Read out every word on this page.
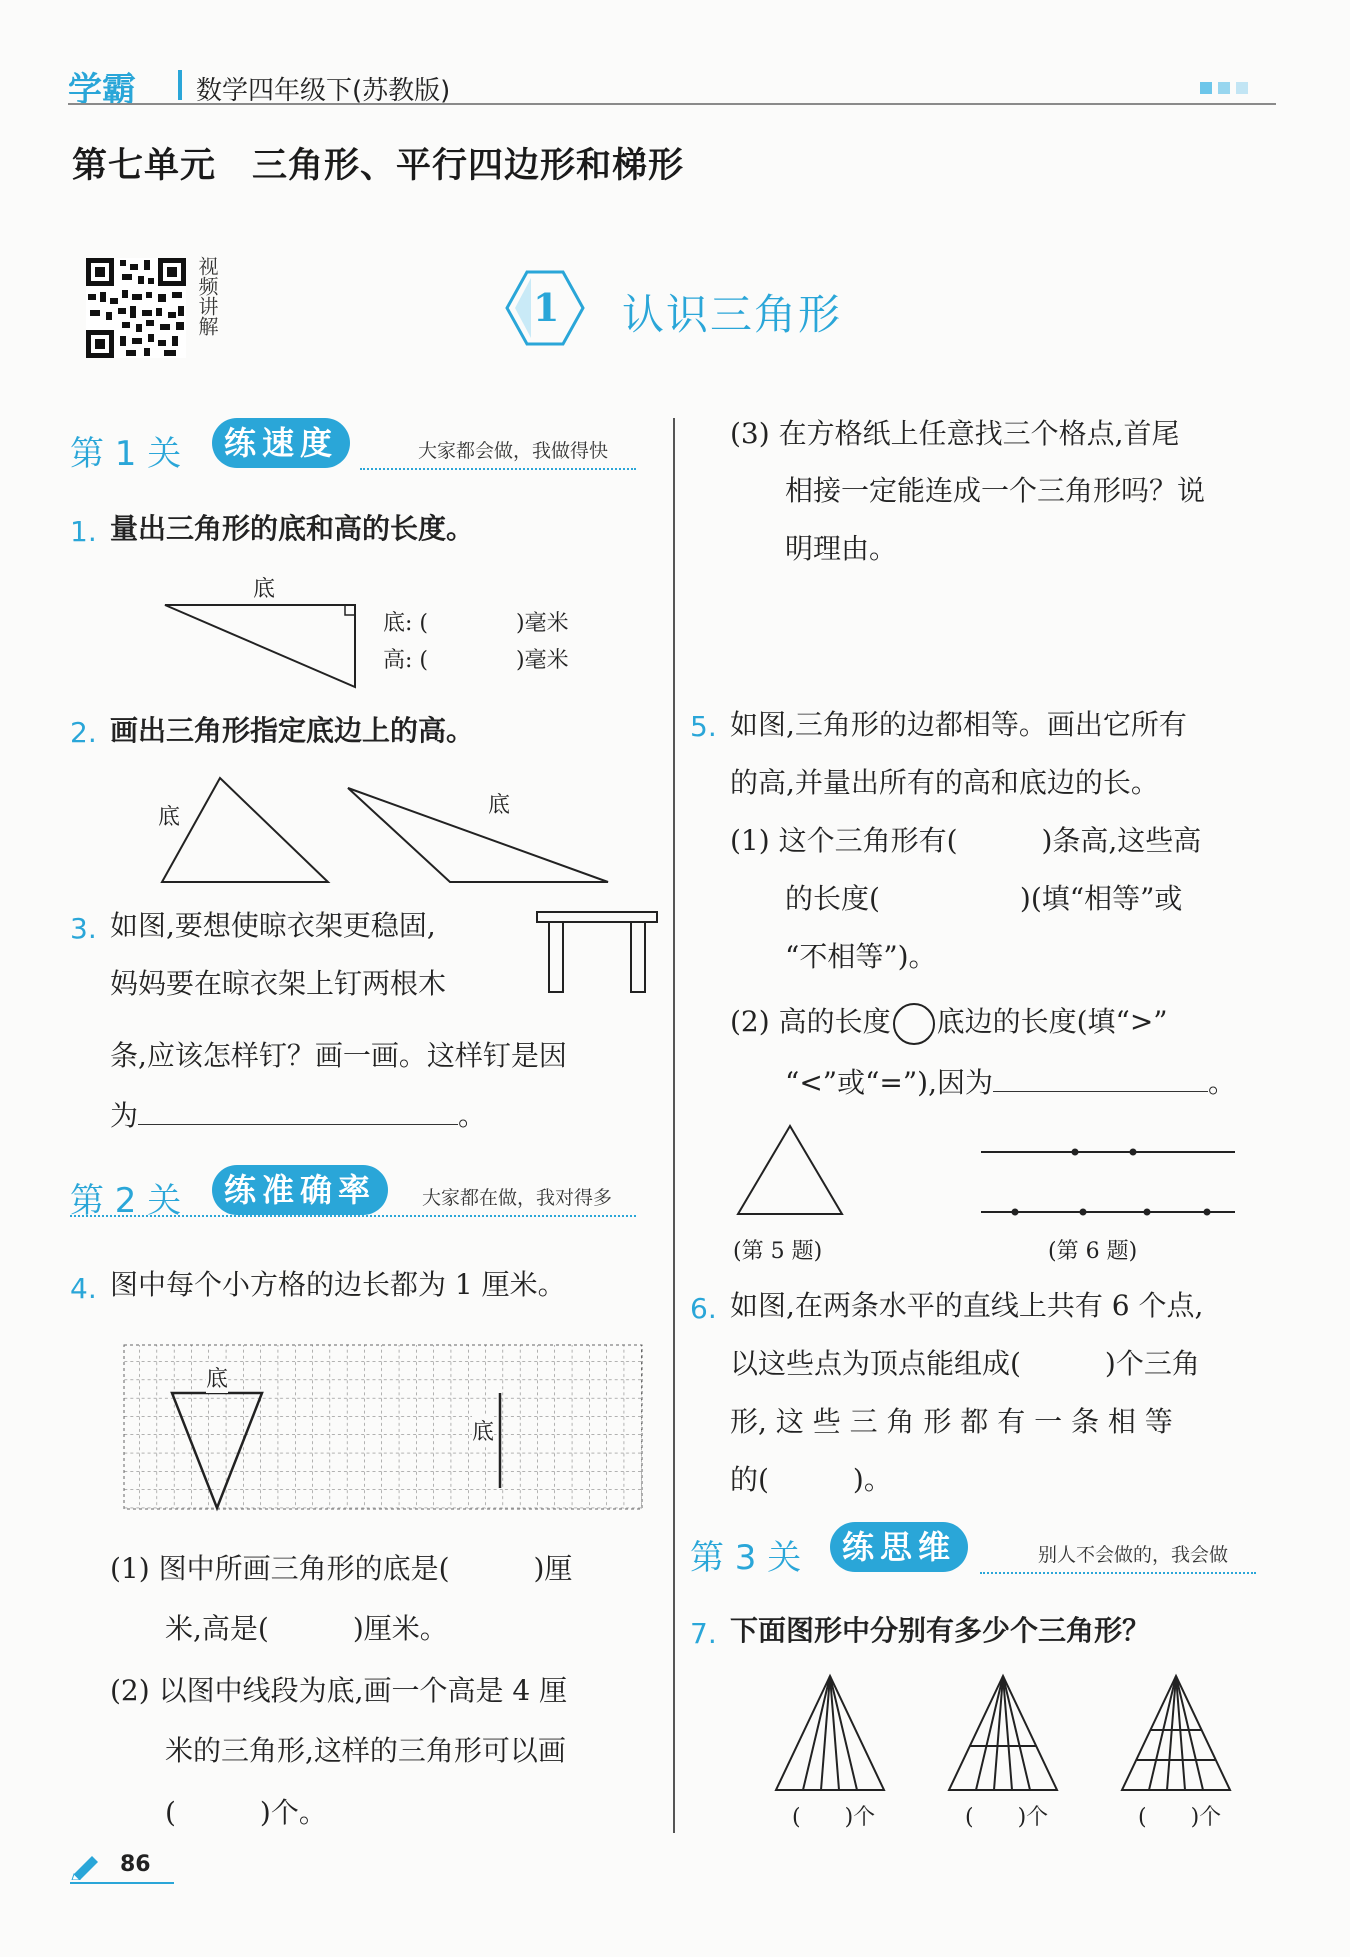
学霸 数学四年级下(苏教版)
第七单元　三角形、平行四边形和梯形
视频讲解	1 认识三角形
第 1 关	练速度	大家都会做，我做得快
1. 量出三角形的底和高的长度。
底
底: (　　　　)毫米
高: (　　　　)毫米
2. 画出三角形指定底边上的高。
底	底
3. 如图,要想使晾衣架更稳固,
妈妈要在晾衣架上钉两根木
条,应该怎样钉？画一画。这样钉是因
为	。
第 2 关	练准确率	大家都在做，我对得多
4. 图中每个小方格的边长都为 1 厘米。
底
底
(1) 图中所画三角形的底是(　　　)厘
米,高是(　　　)厘米。
(2) 以图中线段为底,画一个高是 4 厘
米的三角形,这样的三角形可以画
(　　　)个。
(3) 在方格纸上任意找三个格点,首尾
相接一定能连成一个三角形吗？说
明理由。
5. 如图,三角形的边都相等。画出它所有
的高,并量出所有的高和底边的长。
(1) 这个三角形有(　　　)条高,这些高
的长度(　　　　　)(填“相等”或
“不相等”)。
(2) 高的长度 底边的长度(填“>”
“<”或“=”),因为	。
(第 5 题)	(第 6 题)
6. 如图,在两条水平的直线上共有 6 个点,
以这些点为顶点能组成(　　　)个三角
形, 这 些 三 角 形 都 有 一 条 相 等
的(　　　)。
第 3 关	练思维	别人不会做的，我会做
7. 下面图形中分别有多少个三角形？
(　　)个	(　　)个	(　　)个
86
